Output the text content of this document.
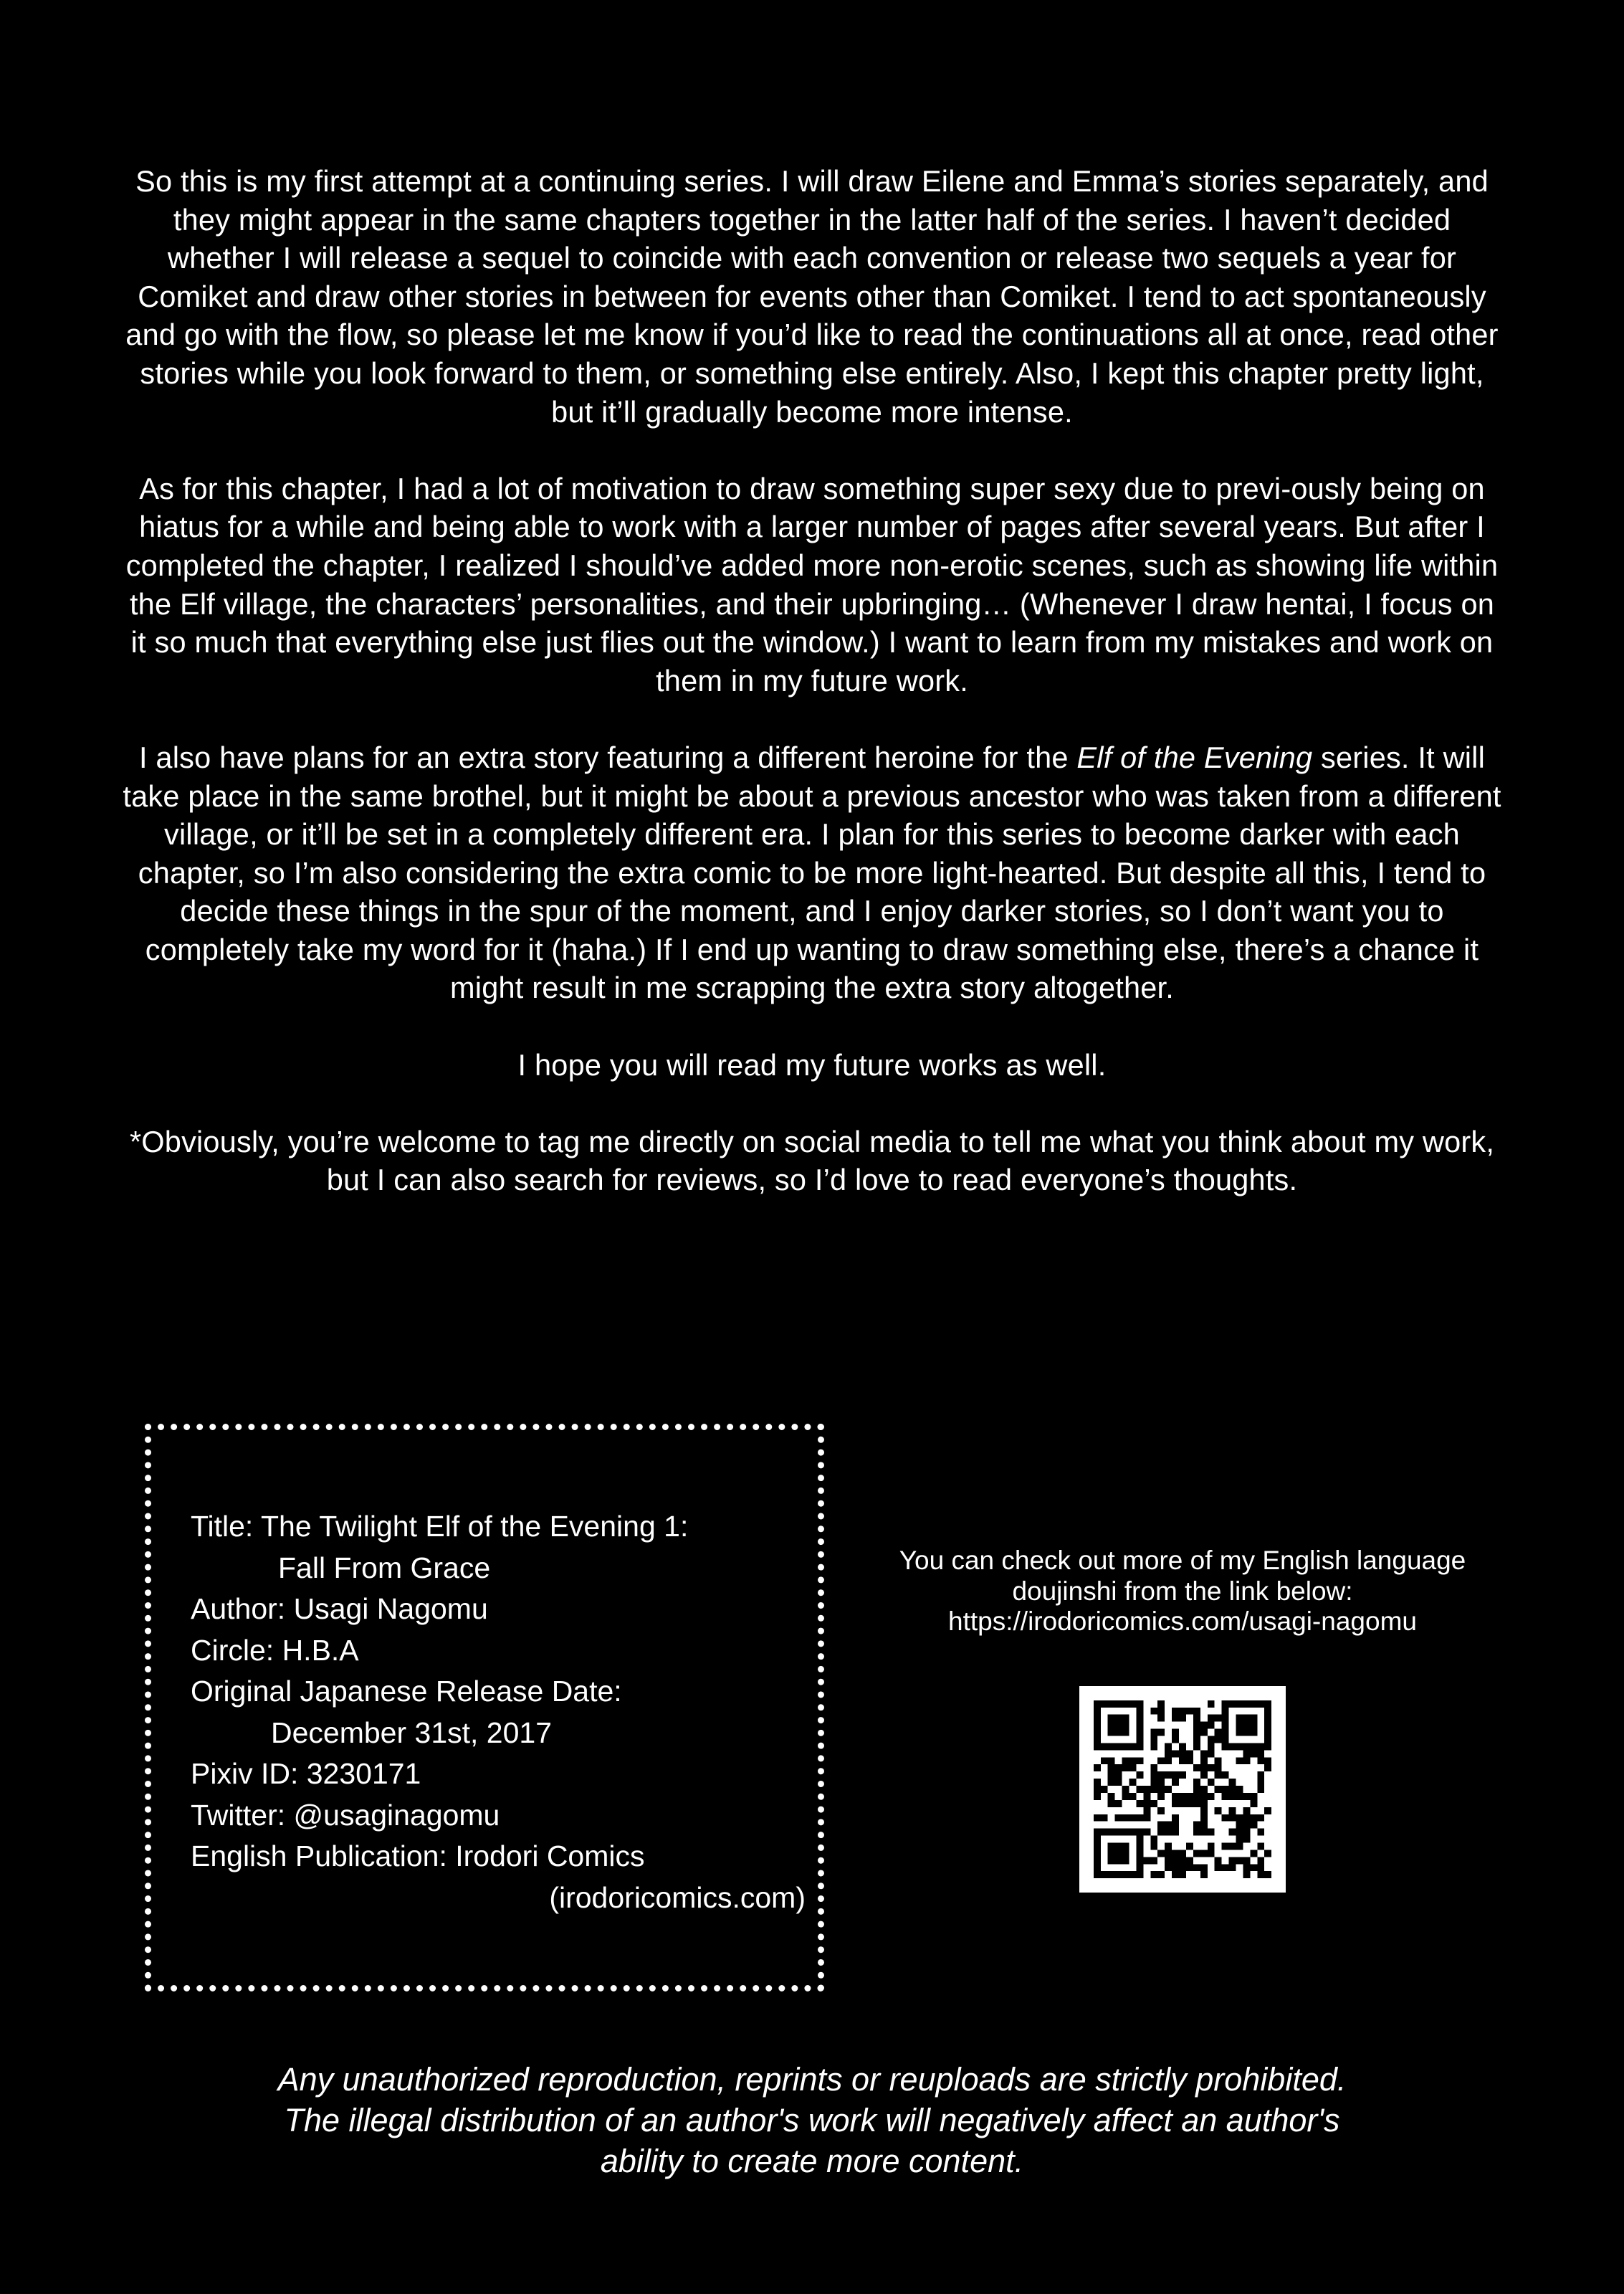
So this is my first attempt at a continuing series. I will draw Eilene and Emma’s stories separately, and they might appear in the same chapters together in the latter half of the series. I haven’t decided whether I will release a sequel to coincide with each convention or release two sequels a year for Comiket and draw other stories in between for events other than Comiket. I tend to act spontaneously and go with the flow, so please let me know if you’d like to read the continuations all at once, read other stories while you look forward to them, or something else entirely. Also, I kept this chapter pretty light, but it’ll gradually become more intense.

As for this chapter, I had a lot of motivation to draw something super sexy due to previ-ously being on hiatus for a while and being able to work with a larger number of pages after several years. But after I completed the chapter, I realized I should’ve added more non-erotic scenes, such as showing life within the Elf village, the characters’ personalities, and their upbringing… (Whenever I draw hentai, I focus on it so much that everything else just flies out the window.) I want to learn from my mistakes and work on them in my future work.

I also have plans for an extra story featuring a different heroine for the Elf of the Evening series. It will take place in the same brothel, but it might be about a previous ancestor who was taken from a different village, or it’ll be set in a completely different era. I plan for this series to become darker with each chapter, so I’m also considering the extra comic to be more light-hearted. But despite all this, I tend to decide these things in the spur of the moment, and I enjoy darker stories, so I don’t want you to completely take my word for it (haha.) If I end up wanting to draw something else, there’s a chance it might result in me scrapping the extra story altogether.

I hope you will read my future works as well.

*Obviously, you’re welcome to tag me directly on social media to tell me what you think about my work, but I can also search for reviews, so I’d love to read everyone’s thoughts.

Title: The Twilight Elf of the Evening 1:
Fall From Grace
Author: Usagi Nagomu
Circle: H.B.A
Original Japanese Release Date:
December 31st, 2017
Pixiv ID: 3230171
Twitter: @usaginagomu
English Publication: Irodori Comics
(irodoricomics.com)
You can check out more of my English language
doujinshi from the link below:
https://irodoricomics.com/usagi-nagomu
Any unauthorized reproduction, reprints or reuploads are strictly prohibited.
The illegal distribution of an author's work will negatively affect an author's
ability to create more content.
